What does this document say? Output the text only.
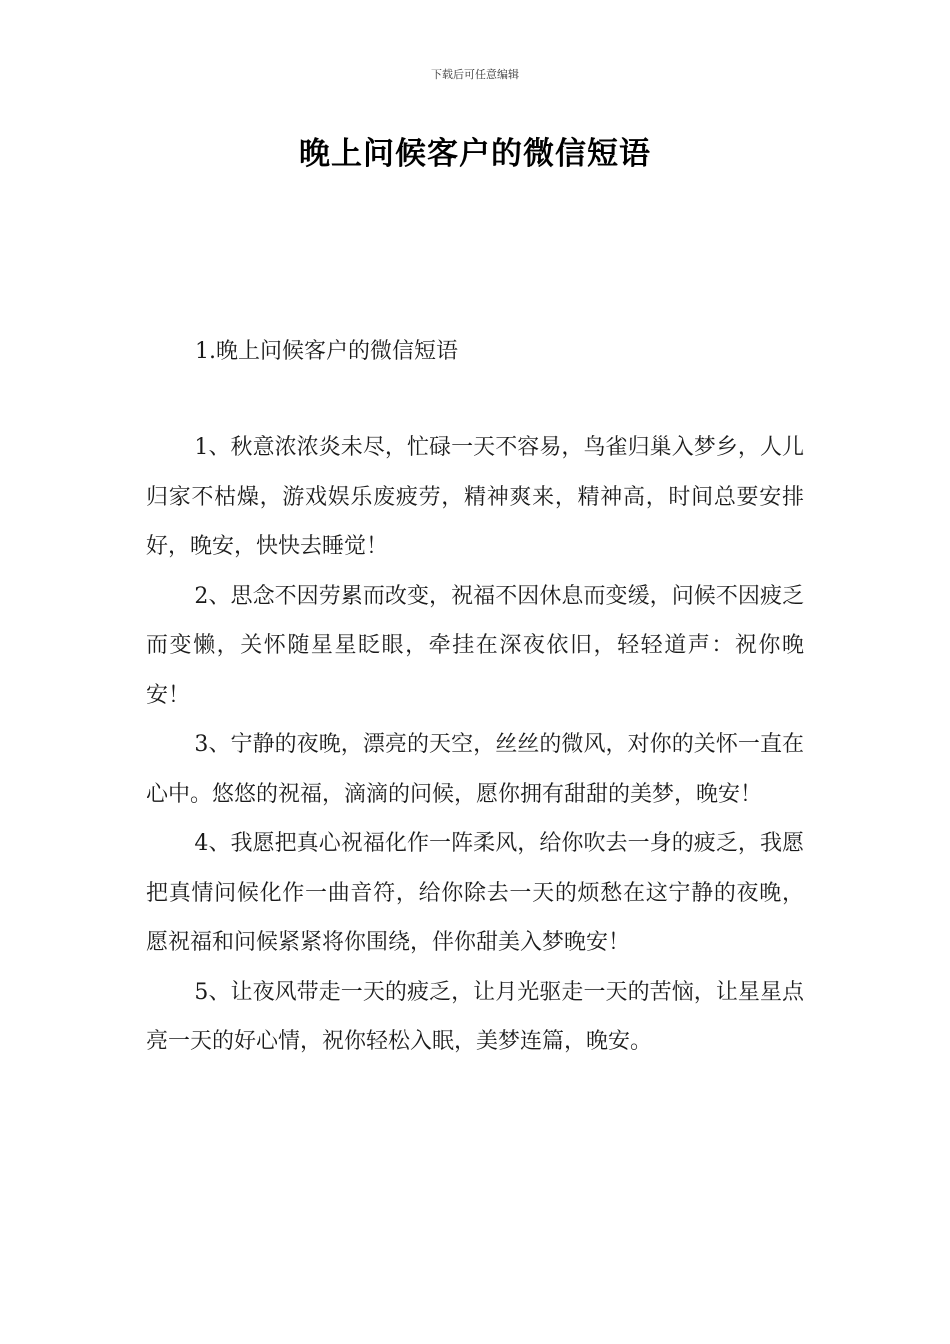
下载后可任意编辑
晚上问候客户的微信短语
1.晚上问候客户的微信短语

1、秋意浓浓炎未尽，忙碌一天不容易，鸟雀归巢入梦乡，人儿归家不枯燥，游戏娱乐废疲劳，精神爽来，精神高，时间总要安排好，晚安，快快去睡觉！

2、思念不因劳累而改变，祝福不因休息而变缓，问候不因疲乏而变懒，关怀随星星眨眼，牵挂在深夜依旧，轻轻道声：祝你晚安！

3、宁静的夜晚，漂亮的天空，丝丝的微风，对你的关怀一直在心中。悠悠的祝福，滴滴的问候，愿你拥有甜甜的美梦，晚安！

4、我愿把真心祝福化作一阵柔风，给你吹去一身的疲乏，我愿把真情问候化作一曲音符，给你除去一天的烦愁在这宁静的夜晚，愿祝福和问候紧紧将你围绕，伴你甜美入梦晚安！

5、让夜风带走一天的疲乏，让月光驱走一天的苦恼，让星星点亮一天的好心情，祝你轻松入眠，美梦连篇，晚安。
